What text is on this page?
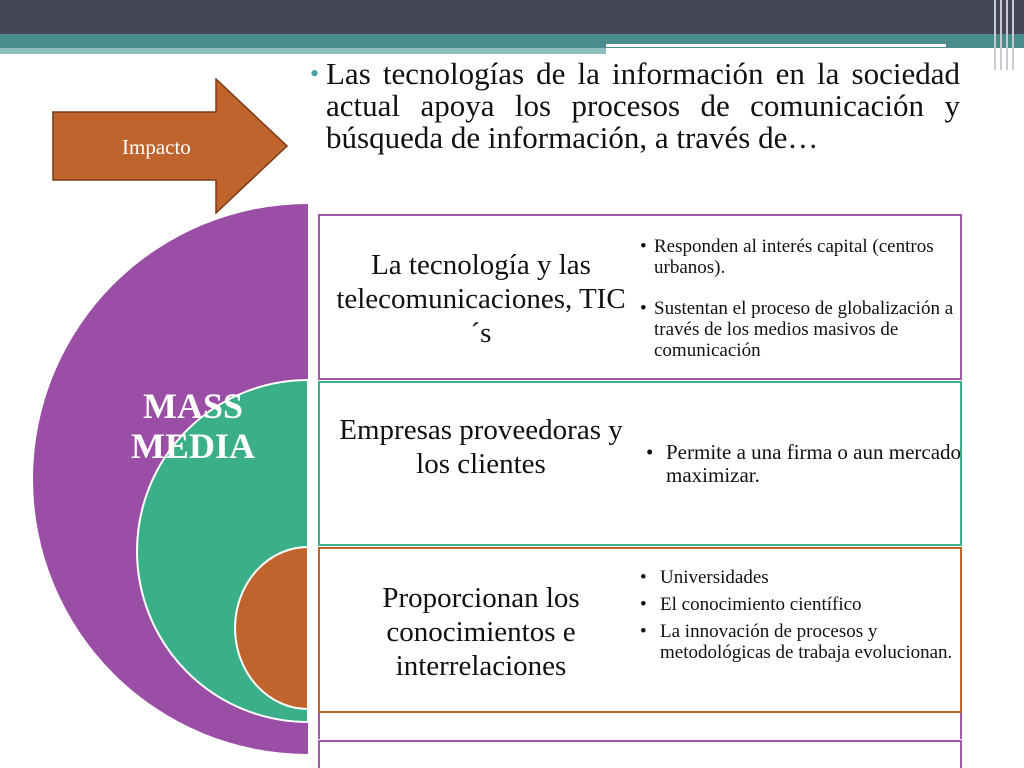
• Las tecnologías de la información en la sociedad actual apoya los procesos de comunicación y búsqueda de información, a través de…
MASS
MEDIA
Impacto
La tecnología y las telecomunicaciones, TIC´s
• Responden al interés capital (centros urbanos).
• Sustentan el proceso de globalización a través de los medios masivos de comunicación
Empresas proveedoras y los clientes
•	Permite a una firma o aun mercado maximizar.
Proporcionan los conocimientos e interrelaciones
• Universidades
• El conocimiento científico
• La innovación de procesos y metodológicas de trabaja evolucionan.
